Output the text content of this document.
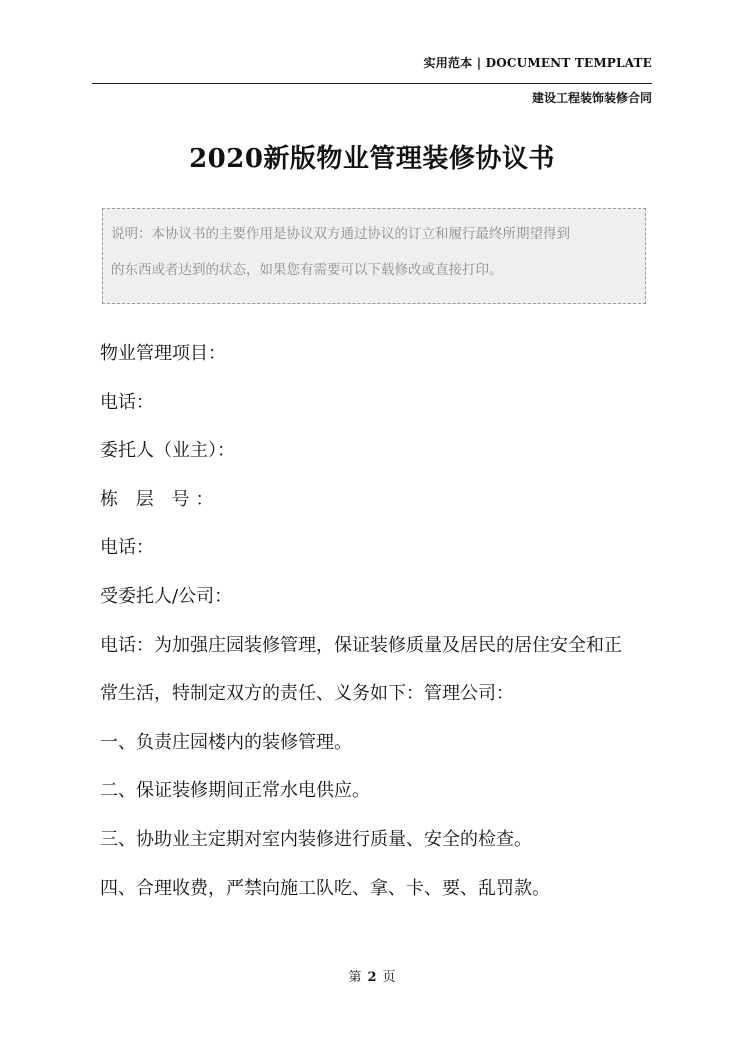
实用范本 | DOCUMENT TEMPLATE
建设工程装饰装修合同
2020新版物业管理装修协议书
说明：本协议书的主要作用是协议双方通过协议的订立和履行最终所期望得到
的东西或者达到的状态，如果您有需要可以下载修改或直接打印。

物业管理项目：

电话：

委托人（业主）：

栋 层 号：

电话：

受委托人/公司：

电话：为加强庄园装修管理，保证装修质量及居民的居住安全和正

常生活，特制定双方的责任、义务如下：管理公司：

一、负责庄园楼内的装修管理。

二、保证装修期间正常水电供应。

三、协助业主定期对室内装修进行质量、安全的检查。

四、合理收费，严禁向施工队吃、拿、卡、要、乱罚款。

第 2 页
